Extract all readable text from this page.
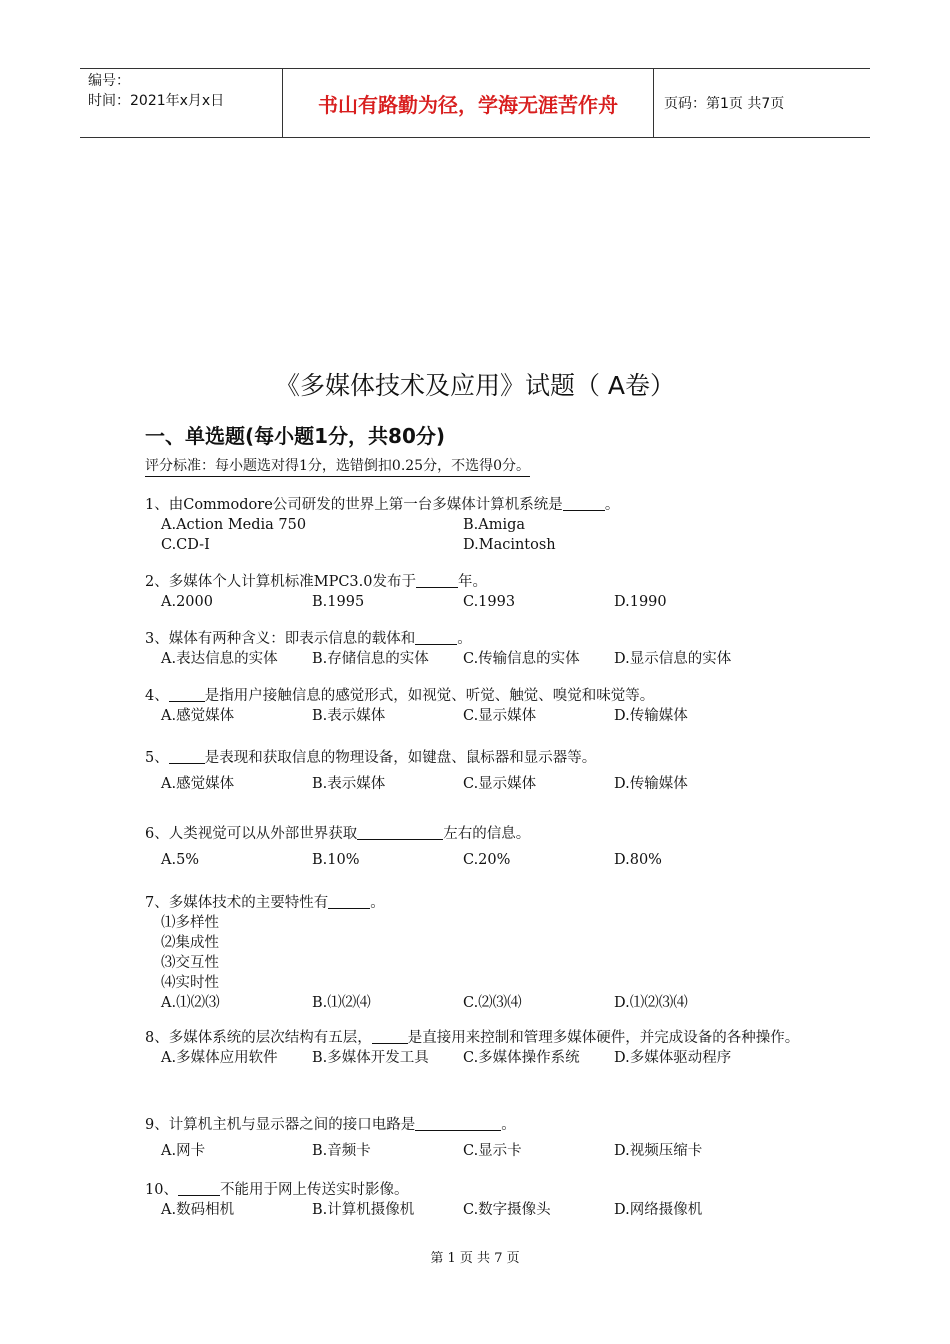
编号：
时间：2021年x月x日	书山有路勤为径，学海无涯苦作舟	页码：第1页 共7页
《多媒体技术及应用》试题（ A卷）
一、单选题(每小题1分，共80分)
评分标准：每小题选对得1分，选错倒扣0.25分，不选得0分。
1、由Commodore公司研发的世界上第一台多媒体计算机系统是	。
A.Action Media 750	B.Amiga
C.CD-I	D.Macintosh
2、多媒体个人计算机标准MPC3.0发布于	年。
A.2000	B.1995	C.1993	D.1990
3、媒体有两种含义：即表示信息的载体和	。
A.表达信息的实体	B.存储信息的实体	C.传输信息的实体	D.显示信息的实体
4、 是指用户接触信息的感觉形式，如视觉、听觉、触觉、嗅觉和味觉等。
A.感觉媒体	B.表示媒体	C.显示媒体	D.传输媒体
5、 是表现和获取信息的物理设备，如键盘、鼠标器和显示器等。
A.感觉媒体	B.表示媒体	C.显示媒体	D.传输媒体
6、人类视觉可以从外部世界获取	左右的信息。
A.5%	B.10%	C.20%	D.80%
7、多媒体技术的主要特性有	。
⑴多样性
⑵集成性
⑶交互性
⑷实时性
A.⑴⑵⑶	B.⑴⑵⑷	C.⑵⑶⑷	D.⑴⑵⑶⑷
8、多媒体系统的层次结构有五层， 是直接用来控制和管理多媒体硬件，并完成设备的各种操作。
A.多媒体应用软件	B.多媒体开发工具	C.多媒体操作系统	D.多媒体驱动程序
9、计算机主机与显示器之间的接口电路是	。
A.网卡	B.音频卡	C.显示卡	D.视频压缩卡
10、	不能用于网上传送实时影像。
A.数码相机	B.计算机摄像机	C.数字摄像头	D.网络摄像机
第 1 页 共 7 页
